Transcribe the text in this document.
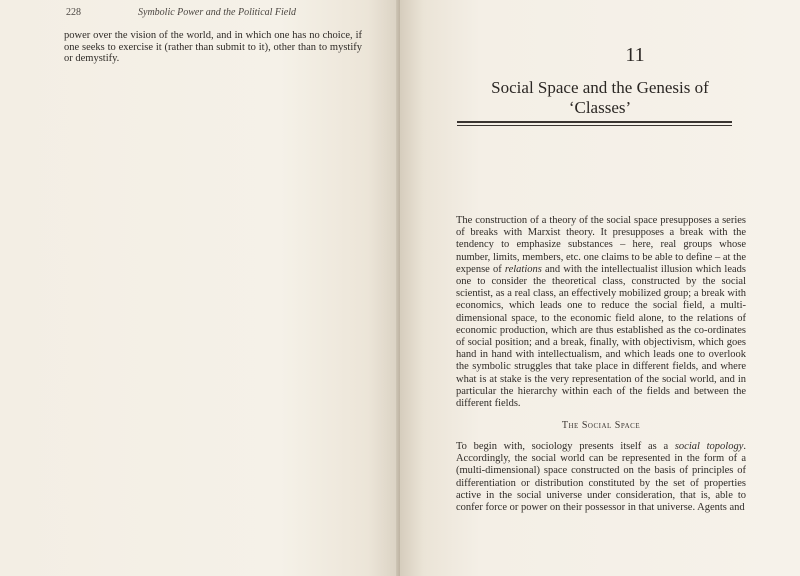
228	Symbolic Power and the Political Field

power over the vision of the world, and in which one has no choice, if one seeks to exercise it (rather than submit to it), other than to mystify or demystify.	11
Social Space and the Genesis of
‘Classes’

The construction of a theory of the social space presupposes a series of breaks with Marxist theory. It presupposes a break with the tendency to emphasize substances – here, real groups whose number, limits, members, etc. one claims to be able to define – at the expense of relations and with the intellectualist illusion which leads one to consider the theoretical class, constructed by the social scientist, as a real class, an effectively mobilized group; a break with economics, which leads one to reduce the social field, a multi-dimensional space, to the economic field alone, to the relations of economic production, which are thus established as the co-ordinates of social position; and a break, finally, with objectivism, which goes hand in hand with intellectualism, and which leads one to overlook the symbolic struggles that take place in different fields, and where what is at stake is the very representation of the social world, and in particular the hierarchy within each of the fields and between the different fields.

The Social Space

To begin with, sociology presents itself as a social topology. Accordingly, the social world can be represented in the form of a (multi-dimensional) space constructed on the basis of principles of differentiation or distribution constituted by the set of properties active in the social universe under consideration, that is, able to confer force or power on their possessor in that universe. Agents and
